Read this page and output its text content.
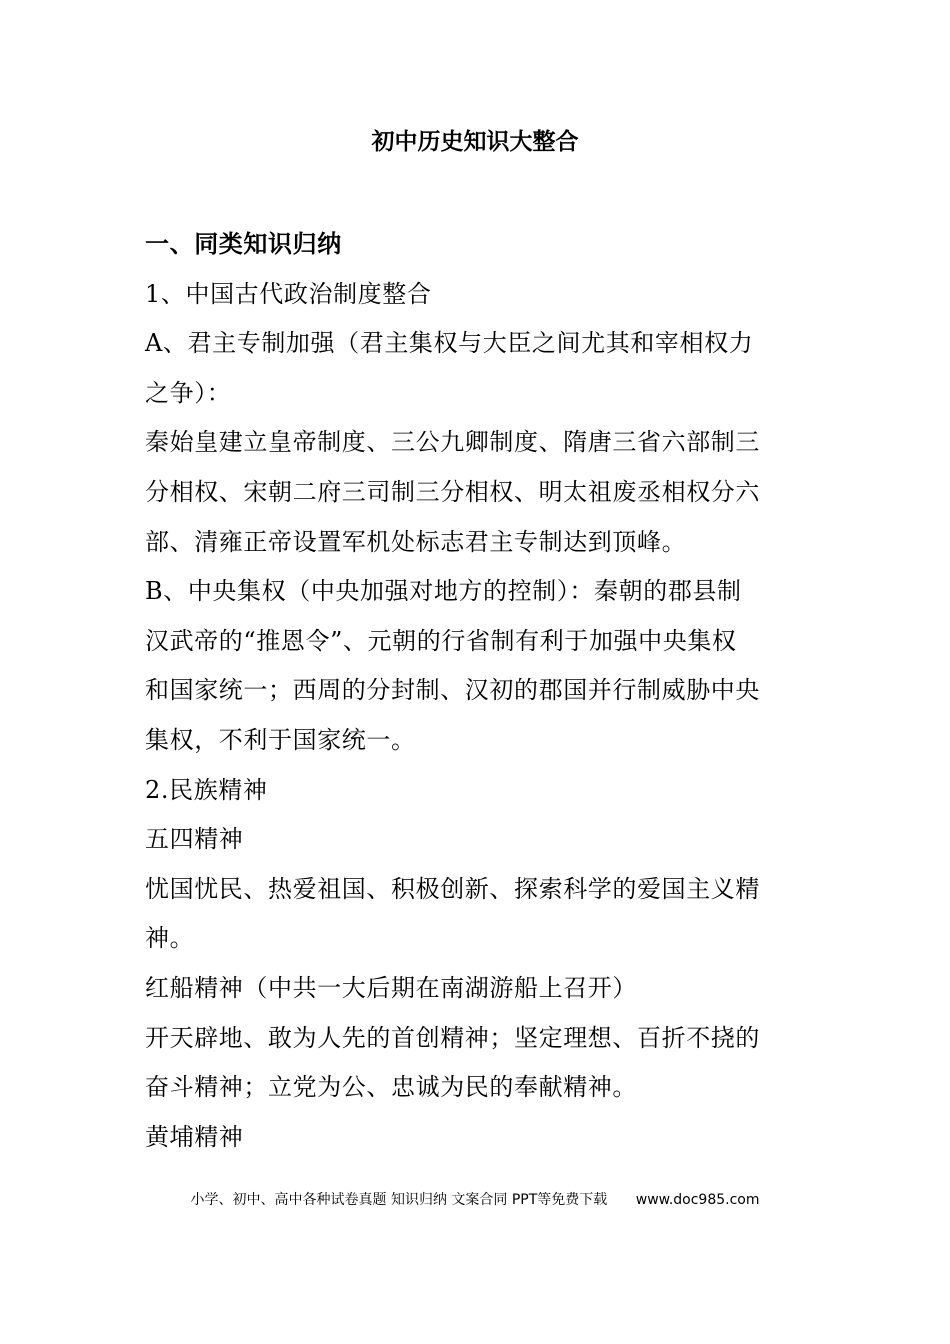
初中历史知识大整合

一、同类知识归纳

1、中国古代政治制度整合

A、君主专制加强（君主集权与大臣之间尤其和宰相权力

之争）：

秦始皇建立皇帝制度、三公九卿制度、隋唐三省六部制三

分相权、宋朝二府三司制三分相权、明太祖废丞相权分六

部、清雍正帝设置军机处标志君主专制达到顶峰。

B、中央集权（中央加强对地方的控制）：秦朝的郡县制

汉武帝的“推恩令”、元朝的行省制有利于加强中央集权

和国家统一；西周的分封制、汉初的郡国并行制威胁中央

集权，不利于国家统一。

2.民族精神

五四精神

忧国忧民、热爱祖国、积极创新、探索科学的爱国主义精

神。

红船精神（中共一大后期在南湖游船上召开）

开天辟地、敢为人先的首创精神；坚定理想、百折不挠的

奋斗精神；立党为公、忠诚为民的奉献精神。

黄埔精神

小学、初中、高中各种试卷真题 知识归纳 文案合同 PPT等免费下载 www.doc985.com
